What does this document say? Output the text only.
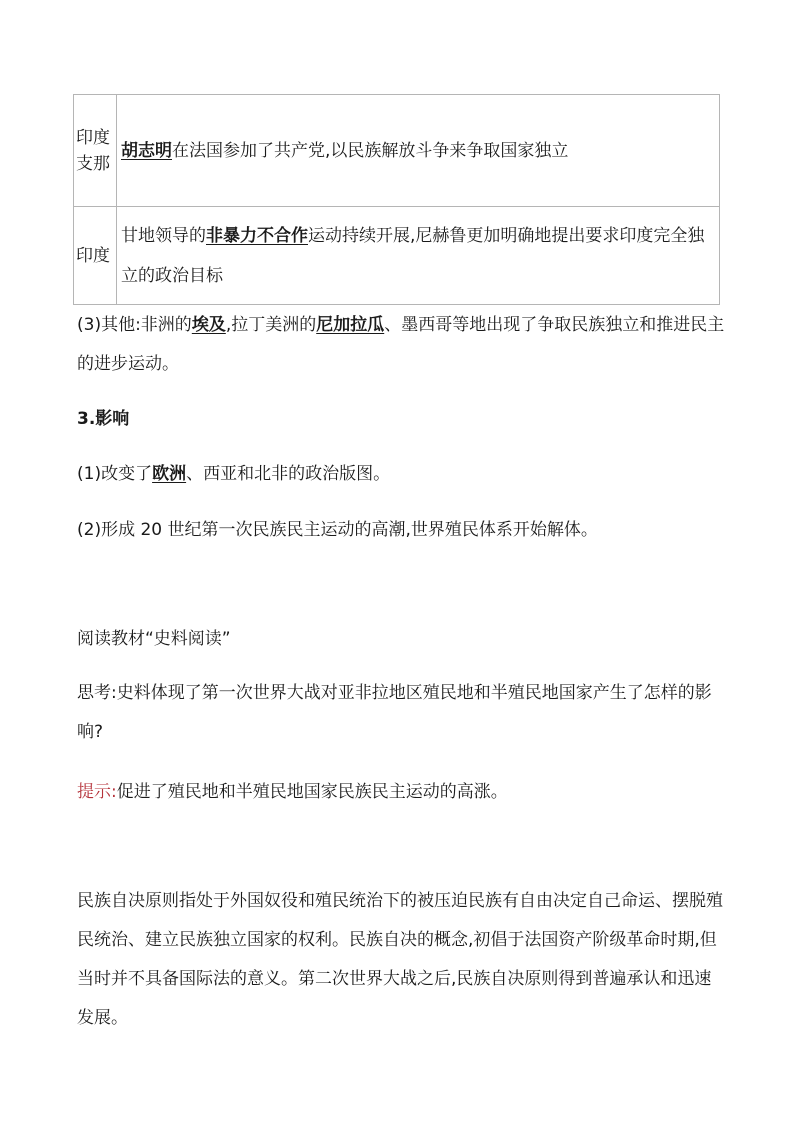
印度支那	胡志明在法国参加了共产党,以民族解放斗争来争取国家独立
印度	甘地领导的非暴力不合作运动持续开展,尼赫鲁更加明确地提出要求印度完全独立的政治目标

(3)其他:非洲的埃及,拉丁美洲的尼加拉瓜、墨西哥等地出现了争取民族独立和推进民主的进步运动。

3.影响

(1)改变了欧洲、西亚和北非的政治版图。

(2)形成 20 世纪第一次民族民主运动的高潮,世界殖民体系开始解体。

阅读教材“史料阅读”

思考:史料体现了第一次世界大战对亚非拉地区殖民地和半殖民地国家产生了怎样的影响?

提示:促进了殖民地和半殖民地国家民族民主运动的高涨。

民族自决原则指处于外国奴役和殖民统治下的被压迫民族有自由决定自己命运、摆脱殖民统治、建立民族独立国家的权利。民族自决的概念,初倡于法国资产阶级革命时期,但当时并不具备国际法的意义。第二次世界大战之后,民族自决原则得到普遍承认和迅速发展。
